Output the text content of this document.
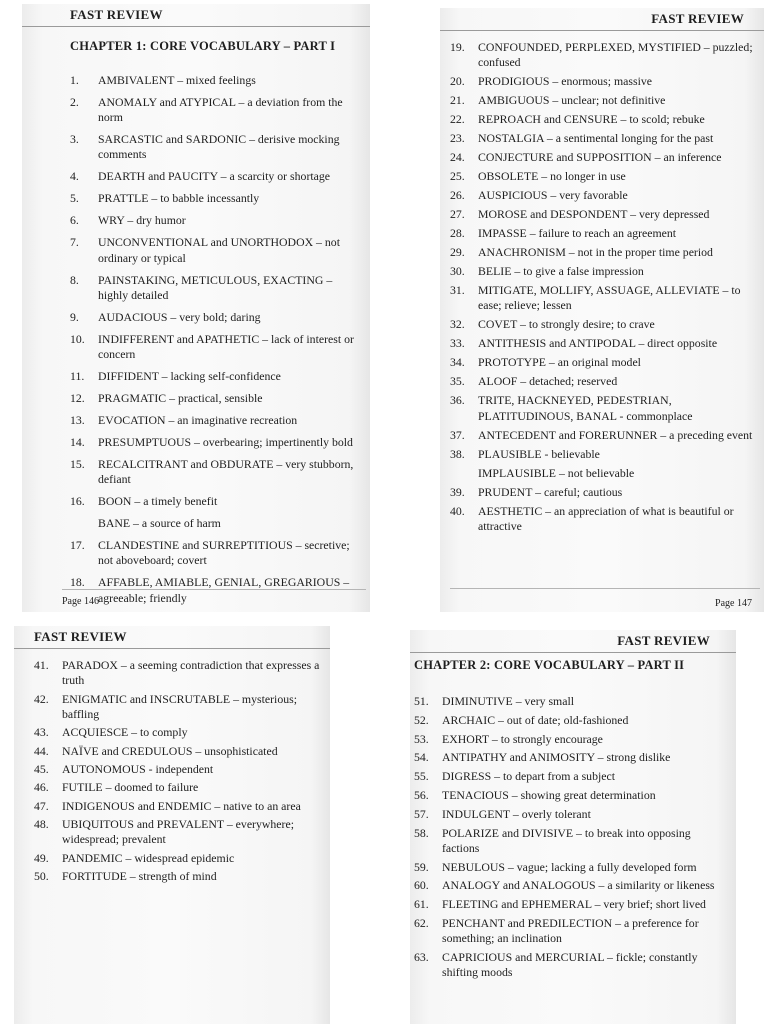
FAST REVIEW
CHAPTER 1: CORE VOCABULARY – PART I
1.	AMBIVALENT – mixed feelings
2.	ANOMALY and ATYPICAL – a deviation from the norm
3.	SARCASTIC and SARDONIC – derisive mocking comments
4.	DEARTH and PAUCITY – a scarcity or shortage
5.	PRATTLE – to babble incessantly
6.	WRY – dry humor
7.	UNCONVENTIONAL and UNORTHODOX – not ordinary or typical
8.	PAINSTAKING, METICULOUS, EXACTING – highly detailed
9.	AUDACIOUS – very bold; daring
10.	INDIFFERENT and APATHETIC – lack of interest or concern
11.	DIFFIDENT – lacking self-confidence
12.	PRAGMATIC – practical, sensible
13.	EVOCATION – an imaginative recreation
14.	PRESUMPTUOUS – overbearing; impertinently bold
15.	RECALCITRANT and OBDURATE – very stubborn, defiant
16.	BOON – a timely benefit
BANE – a source of harm
17.	CLANDESTINE and SURREPTITIOUS – secretive; not aboveboard; covert
18.	AFFABLE, AMIABLE, GENIAL, GREGARIOUS – agreeable; friendly
Page 146
FAST REVIEW
19.	CONFOUNDED, PERPLEXED, MYSTIFIED – puzzled; confused
20.	PRODIGIOUS – enormous; massive
21.	AMBIGUOUS – unclear; not definitive
22.	REPROACH and CENSURE – to scold; rebuke
23.	NOSTALGIA – a sentimental longing for the past
24.	CONJECTURE and SUPPOSITION – an inference
25.	OBSOLETE – no longer in use
26.	AUSPICIOUS – very favorable
27.	MOROSE and DESPONDENT – very depressed
28.	IMPASSE – failure to reach an agreement
29.	ANACHRONISM – not in the proper time period
30.	BELIE – to give a false impression
31.	MITIGATE, MOLLIFY, ASSUAGE, ALLEVIATE – to ease; relieve; lessen
32.	COVET – to strongly desire; to crave
33.	ANTITHESIS and ANTIPODAL – direct opposite
34.	PROTOTYPE – an original model
35.	ALOOF – detached; reserved
36.	TRITE, HACKNEYED, PEDESTRIAN, PLATITUDINOUS, BANAL - commonplace
37.	ANTECEDENT and FORERUNNER – a preceding event
38.	PLAUSIBLE - believable
IMPLAUSIBLE – not believable
39.	PRUDENT – careful; cautious
40.	AESTHETIC – an appreciation of what is beautiful or attractive
Page 147
FAST REVIEW
41.	PARADOX – a seeming contradiction that expresses a truth
42.	ENIGMATIC and INSCRUTABLE – mysterious; baffling
43.	ACQUIESCE – to comply
44.	NAÏVE and CREDULOUS – unsophisticated
45.	AUTONOMOUS - independent
46.	FUTILE – doomed to failure
47.	INDIGENOUS and ENDEMIC – native to an area
48.	UBIQUITOUS and PREVALENT – everywhere; widespread; prevalent
49.	PANDEMIC – widespread epidemic
50.	FORTITUDE – strength of mind
FAST REVIEW
CHAPTER 2: CORE VOCABULARY – PART II
51.	DIMINUTIVE – very small
52.	ARCHAIC – out of date; old-fashioned
53.	EXHORT – to strongly encourage
54.	ANTIPATHY and ANIMOSITY – strong dislike
55.	DIGRESS – to depart from a subject
56.	TENACIOUS – showing great determination
57.	INDULGENT – overly tolerant
58.	POLARIZE and DIVISIVE – to break into opposing factions
59.	NEBULOUS – vague; lacking a fully developed form
60.	ANALOGY and ANALOGOUS – a similarity or likeness
61.	FLEETING and EPHEMERAL – very brief; short lived
62.	PENCHANT and PREDILECTION – a preference for something; an inclination
63.	CAPRICIOUS and MERCURIAL – fickle; constantly shifting moods
